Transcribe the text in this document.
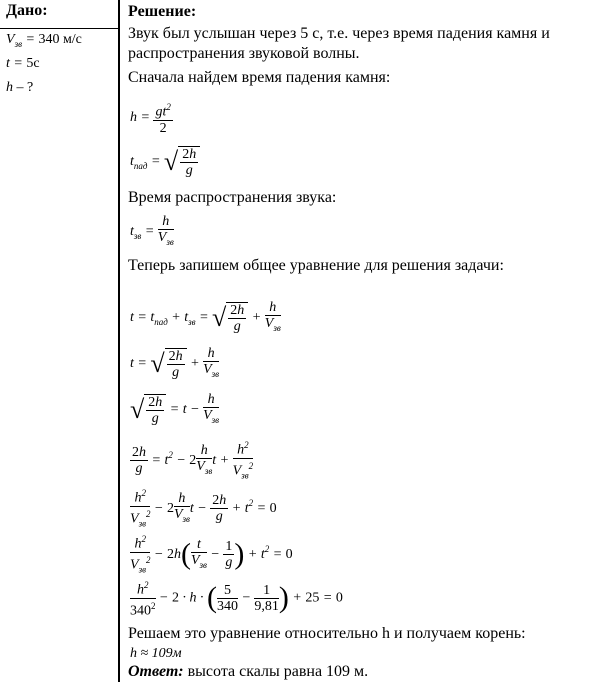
Дано:
$V_{зв} = 340$ м/с
t = 5с
h – ?
Решение:
Звук был услышан через 5 с, т.е. через время падения камня и распространения звуковой волны.
Сначала найдем время падения камня:
$h = \frac{gt^2}{2}$
$t_{пад}$ = √ $\frac{2h}{g}$
Время распространения звука:
$t_{зв} = \frac{h}{V_{зв}}$
Теперь запишем общее уравнение для решения задачи:
$t = t_{пад} + t_{зв}$ = √ $\frac{2h}{g} + \frac{h}{V_{зв}}$
t = √ $\frac{2h}{g} + \frac{h}{V_{зв}}$
√ $\frac{2h}{g} = t - \frac{h}{V_{зв}}$
$\frac{2h}{g} = t^2 - 2 \frac{h}{V_{зв}}$ $t + \frac{h^2}{V_{зв}^2}$
$\frac{h^2}{V_{зв}^2} - 2 \frac{h}{V_{зв}}$ $t - \frac{2h}{g} + t^2 = 0$
$\frac{h^2}{V_{зв}^2} - 2h( \frac{t}{V_{зв}} - \frac{1}{g}$ ) + $t^2 = 0$
$\frac{h^2}{340^2} - 2 \cdot h$ · ( $\frac{5}{340} - \frac{1}{9,81}$ ) + 25 = 0
Решаем это уравнение относительно h и получаем корень:
h ≈ 109м
Ответ: высота скалы равна 109 м.
